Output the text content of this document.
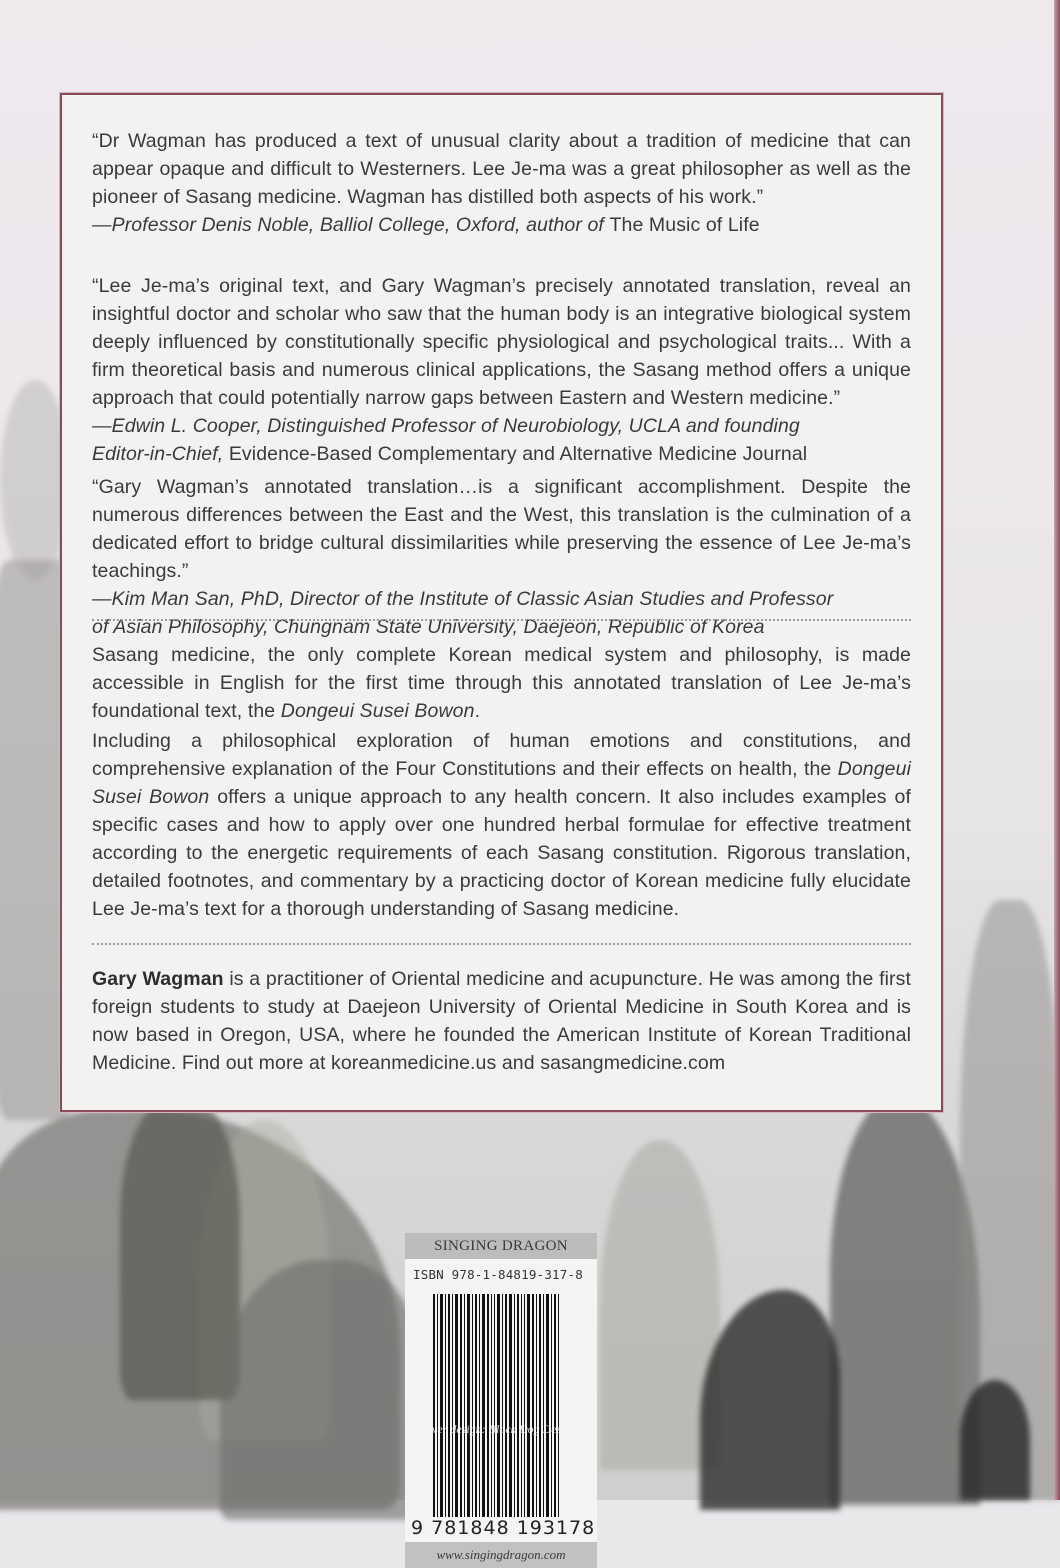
“Dr Wagman has produced a text of unusual clarity about a tradition of medicine that can appear opaque and difficult to Westerners. Lee Je-ma was a great philosopher as well as the pioneer of Sasang medicine. Wagman has distilled both aspects of his work.”

—Professor Denis Noble, Balliol College, Oxford, author of The Music of Life

“Lee Je-ma’s original text, and Gary Wagman’s precisely annotated translation, reveal an insightful doctor and scholar who saw that the human body is an integrative biological system deeply influenced by constitutionally specific physiological and psychological traits... With a firm theoretical basis and numerous clinical applications, the Sasang method offers a unique approach that could potentially narrow gaps between Eastern and Western medicine.”

—Edwin L. Cooper, Distinguished Professor of Neurobiology, UCLA and founding

Editor-in-Chief, Evidence-Based Complementary and Alternative Medicine Journal

“Gary Wagman’s annotated translation…is a significant accomplishment. Despite the numerous differences between the East and the West, this translation is the culmination of a dedicated effort to bridge cultural dissimilarities while preserving the essence of Lee Je-ma’s teachings.”

—Kim Man San, PhD, Director of the Institute of Classic Asian Studies and Professor

of Asian Philosophy, Chungnam State University, Daejeon, Republic of Korea

Sasang medicine, the only complete Korean medical system and philosophy, is made accessible in English for the first time through this annotated translation of Lee Je-ma’s foundational text, the Dongeui Susei Bowon.

Including a philosophical exploration of human emotions and constitutions, and comprehensive explanation of the Four Constitutions and their effects on health, the Dongeui Susei Bowon offers a unique approach to any health concern. It also includes examples of specific cases and how to apply over one hundred herbal formulae for effective treatment according to the energetic requirements of each Sasang constitution. Rigorous translation, detailed footnotes, and commentary by a practicing doctor of Korean medicine fully elucidate Lee Je-ma’s text for a thorough understanding of Sasang medicine.

Gary Wagman is a practitioner of Oriental medicine and acupuncture. He was among the first foreign students to study at Daejeon University of Oriental Medicine in South Korea and is now based in Oregon, USA, where he founded the American Institute of Korean Traditional Medicine. Find out more at koreanmedicine.us and sasangmedicine.com

SINGING DRAGON
ISBN 978-1-84819-317-8
9 781848 193178
www.singingdragon.com
Cover design: Black Dog Design
